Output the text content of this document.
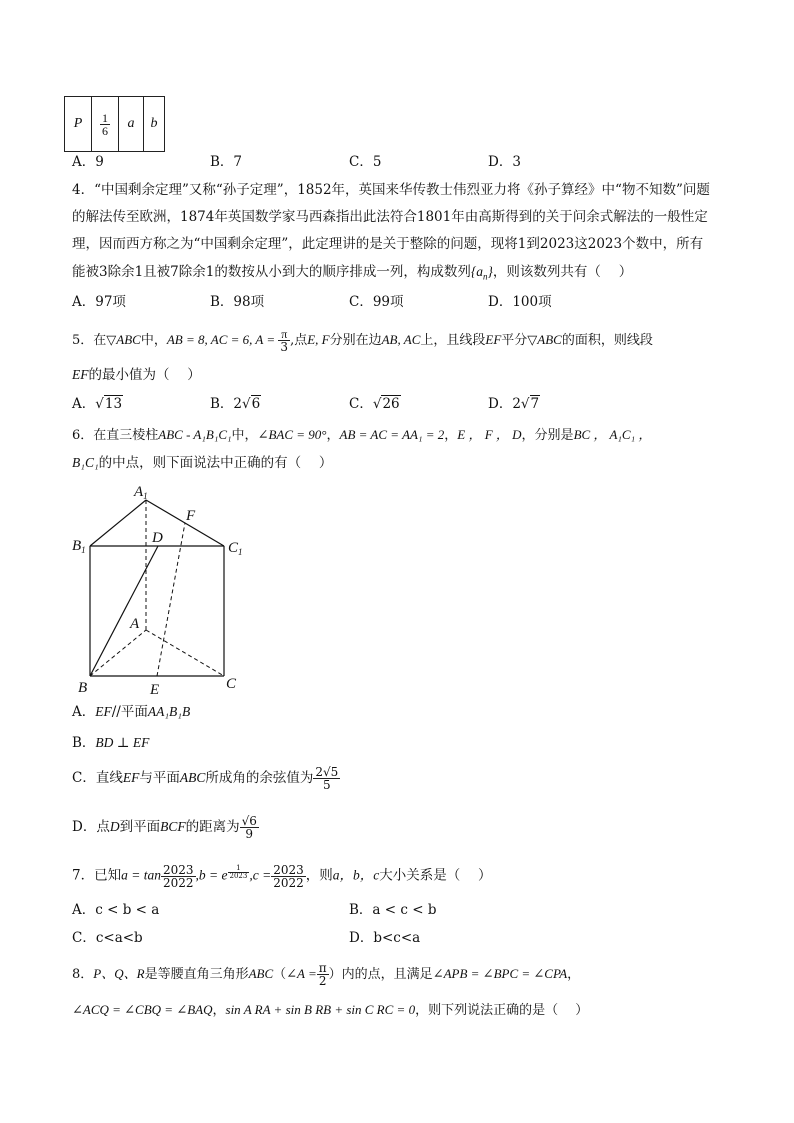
P	$\frac{1}{6}$	a	b
A．9	B．7	C．5	D．3
4．“中国剩余定理”又称“孙子定理”，1852年，英国来华传教士伟烈亚力将《孙子算经》中“物不知数”问题
的解法传至欧洲，1874年英国数学家马西森指出此法符合1801年由高斯得到的关于问余式解法的一般性定
理，因而西方称之为“中国剩余定理”，此定理讲的是关于整除的问题，现将1到2023这2023个数中，所有
能被3除余1且被7除余1的数按从小到大的顺序排成一列，构成数列$\{a_n\}$，则该数列共有（　 ）
A．97项	B．98项	C．99项	D．100项
5．在▽ABC中，AB = 8, AC = 6, $A = \frac{\pi}{3}$ ,点E, F分别在边AB, AC上，且线段EF平分▽ABC的面积，则线段
EF的最小值为（　 ）
A．√13	B．2√6	C．√26	D．2√7
6．在直三棱柱ABC - A₁B₁C₁中，∠BAC = 90°，AB = AC = AA₁ = 2，E ， F ， D，分别是BC ， A₁C₁ ，
B₁C₁的中点，则下面说法中正确的有（　 ）
$A_1$
$B_1$	$C_1$
D
F
A
B	C
E
A．EF//平面AA₁B₁B
B．BD ⊥ EF
C．直线EF与平面ABC所成角的余弦值为 $\frac{2√5}{5}$
D．点D到平面BCF的距离为 $\frac{√6}{9}$
7．已知$a = \tan \frac{2023}{2022} ,b = e$ $^{\frac{1}{2023}}$ $,c = \frac{2023}{2022}$ ，则a，b，c大小关系是（　 ）
A．c < b < a	B．a < c < b
C．c<a<b	D．b<c<a
8．P、Q、R是等腰直角三角形ABC（∠A = $\frac{\pi}{2}$ ）内的点，且满足∠APB = ∠BPC = ∠CPA，
∠ACQ = ∠CBQ = ∠BAQ，sin A RA + sin B RB + sin C RC = 0，则下列说法正确的是（　 ）
